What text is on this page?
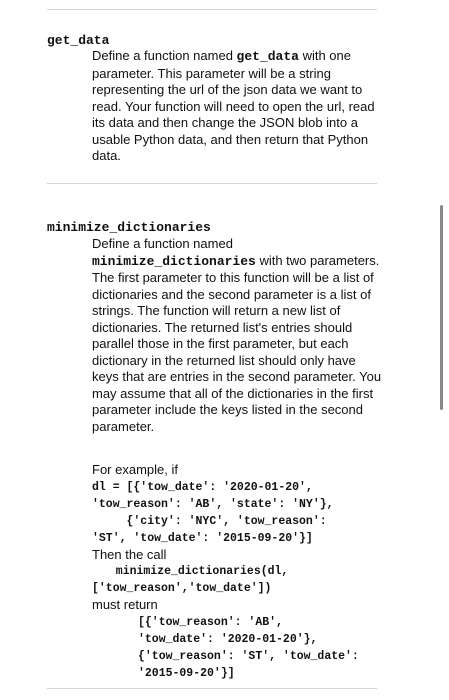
get_data

Define a function named get_data with one parameter. This parameter will be a string representing the url of the json data we want to read. Your function will need to open the url, read its data and then change the JSON blob into a usable Python data, and then return that Python data.

minimize_dictionaries

Define a function named
minimize_dictionaries with two parameters. The first parameter to this function will be a list of dictionaries and the second parameter is a list of strings. The function will return a new list of dictionaries. The returned list's entries should parallel those in the first parameter, but each dictionary in the returned list should only have keys that are entries in the second parameter. You may assume that all of the dictionaries in the first parameter include the keys listed in the second parameter.

For example, if
dl = [{'tow_date': '2020-01-20',
'tow_reason': 'AB', 'state': 'NY'},
{'city': 'NYC', 'tow_reason':
'ST', 'tow_date': '2015-09-20'}]
Then the call
minimize_dictionaries(dl,
['tow_reason','tow_date'])
must return
[{'tow_reason': 'AB',
'tow_date': '2020-01-20'},
{'tow_reason': 'ST', 'tow_date':
'2015-09-20'}]
